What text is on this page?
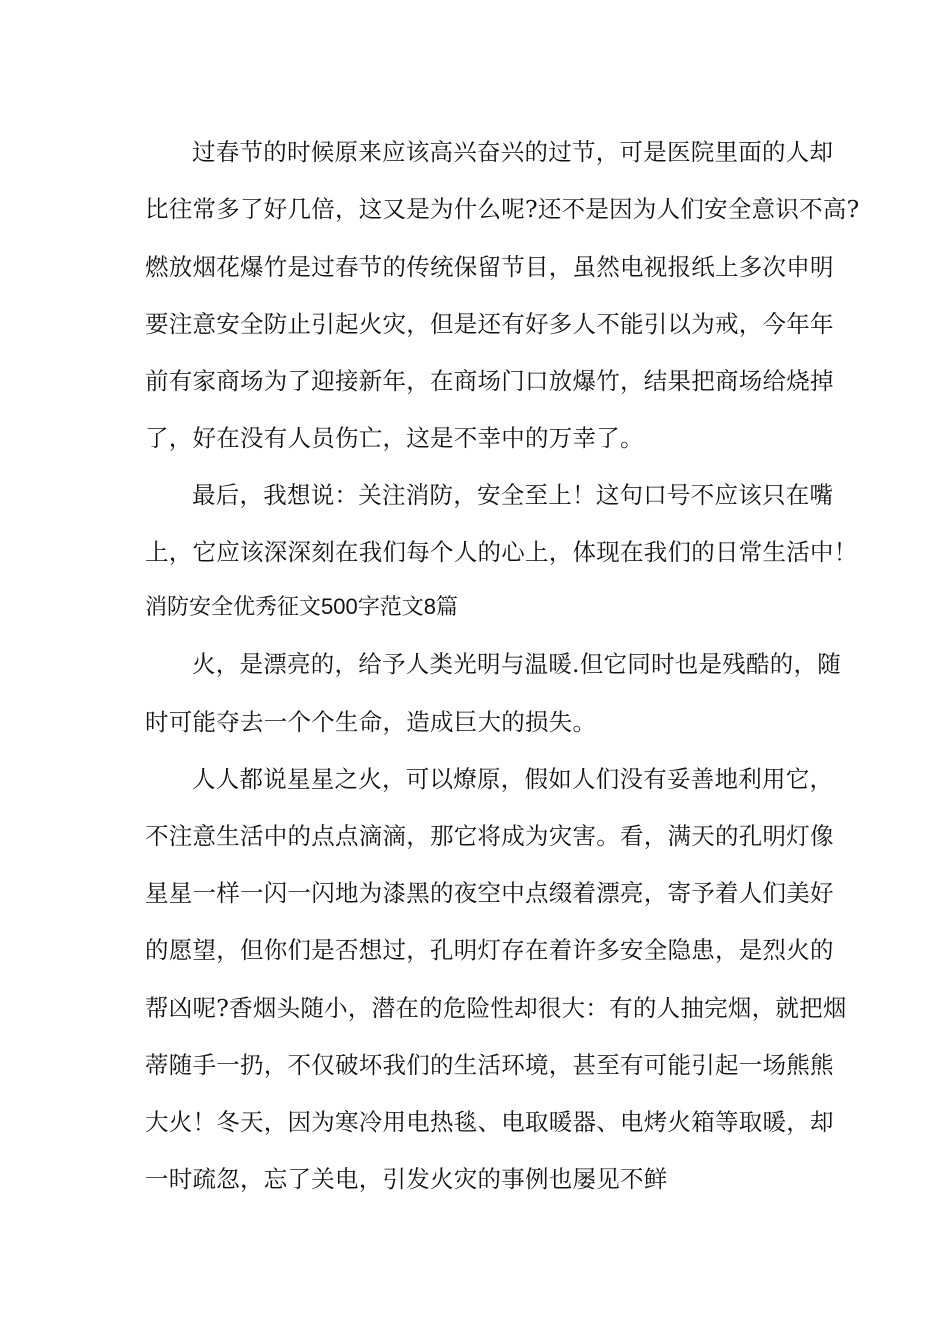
过春节的时候原来应该高兴奋兴的过节，可是医院里面的人却
比往常多了好几倍，这又是为什么呢?还不是因为人们安全意识不高?
燃放烟花爆竹是过春节的传统保留节目，虽然电视报纸上多次申明
要注意安全防止引起火灾，但是还有好多人不能引以为戒，今年年
前有家商场为了迎接新年，在商场门口放爆竹，结果把商场给烧掉
了，好在没有人员伤亡，这是不幸中的万幸了。
最后，我想说：关注消防，安全至上！这句口号不应该只在嘴
上，它应该深深刻在我们每个人的心上，体现在我们的日常生活中！
消防安全优秀征文500字范文8篇
火，是漂亮的，给予人类光明与温暖.但它同时也是残酷的，随
时可能夺去一个个生命，造成巨大的损失。
人人都说星星之火，可以燎原，假如人们没有妥善地利用它，
不注意生活中的点点滴滴，那它将成为灾害。看，满天的孔明灯像
星星一样一闪一闪地为漆黑的夜空中点缀着漂亮，寄予着人们美好
的愿望，但你们是否想过，孔明灯存在着许多安全隐患，是烈火的
帮凶呢?香烟头随小，潜在的危险性却很大：有的人抽完烟，就把烟
蒂随手一扔，不仅破坏我们的生活环境，甚至有可能引起一场熊熊
大火！冬天，因为寒冷用电热毯、电取暖器、电烤火箱等取暖，却
一时疏忽，忘了关电，引发火灾的事例也屡见不鲜
